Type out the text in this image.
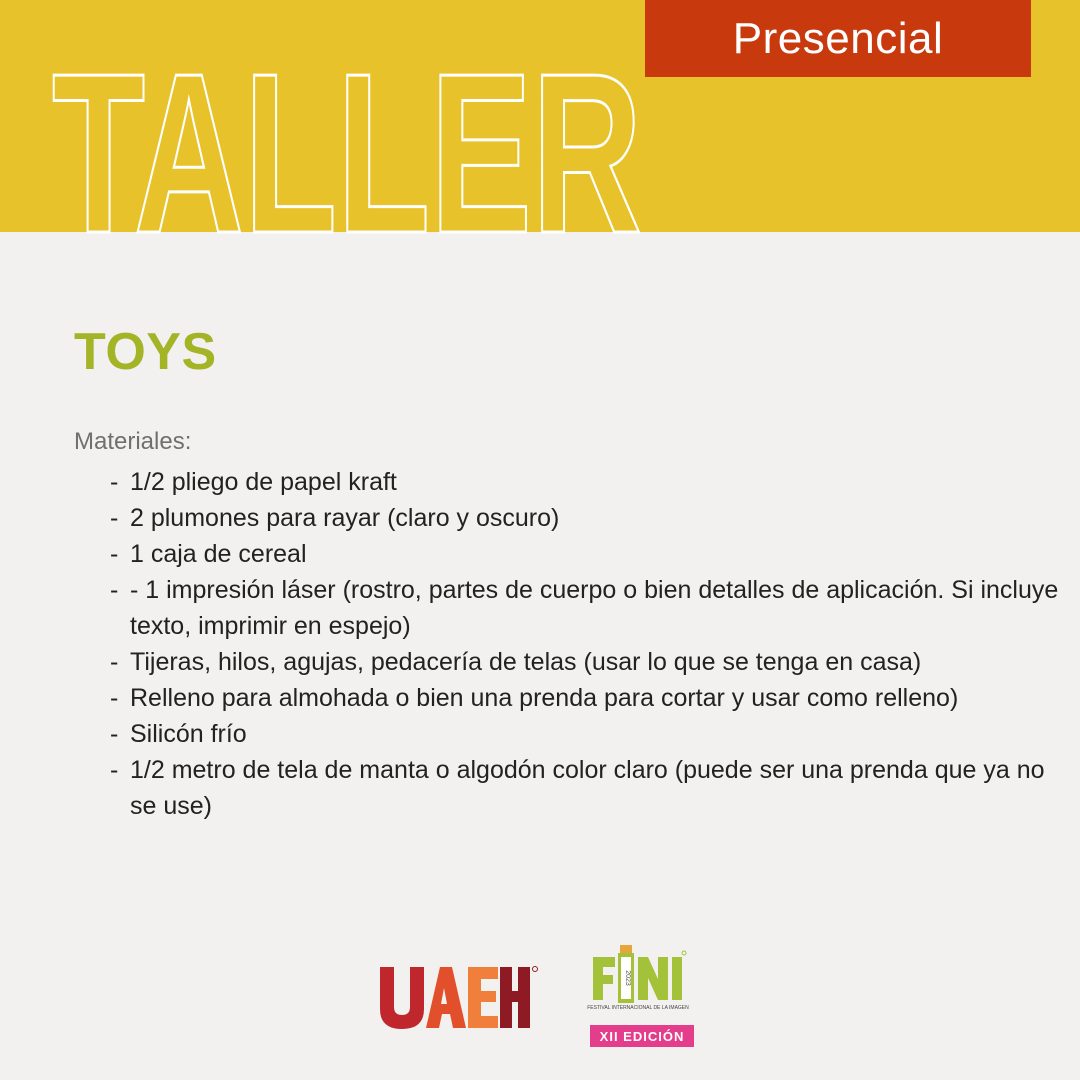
Presencial
TALLER
TOYS
Materiales:
- 1/2 pliego de papel kraft
- 2 plumones para rayar (claro y oscuro)
- 1 caja de cereal
- - 1 impresión láser (rostro, partes de cuerpo o bien detalles de aplicación. Si incluye texto, imprimir en espejo)
- Tijeras, hilos, agujas, pedacería de telas (usar lo que se tenga en casa)
- Relleno para almohada o bien una prenda para cortar y usar como relleno)
- Silicón frío
- 1/2 metro de tela de manta o algodón color claro (puede ser una prenda que ya no se use)
UAEH
2023
FESTIVAL INTERNACIONAL DE LA IMAGEN
FINI
XII EDICIÓN
